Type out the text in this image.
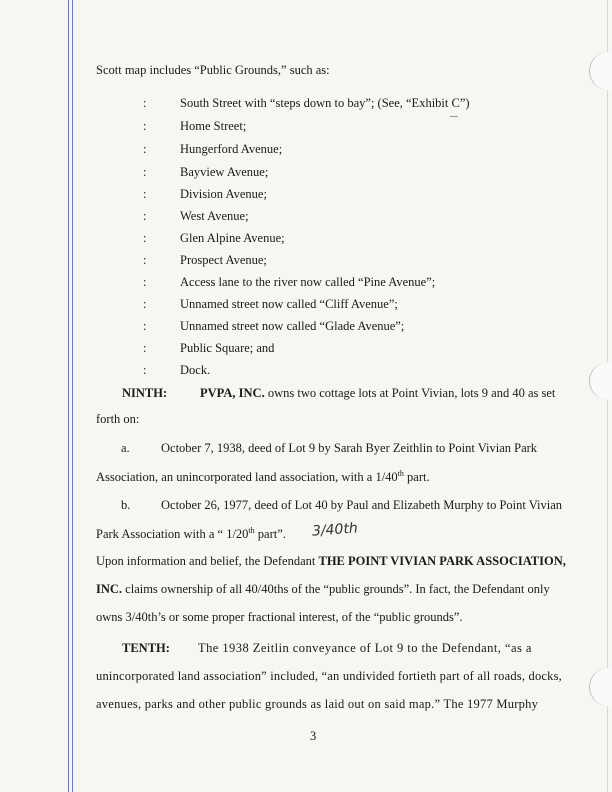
Scott map includes “Public Grounds,” such as:
:	South Street with “steps down to bay”; (See, “Exhibit C”)
:	Home Street;
:	Hungerford Avenue;
:	Bayview Avenue;
:	Division Avenue;
:	West Avenue;
:	Glen Alpine Avenue;
:	Prospect Avenue;
:	Access lane to the river now called “Pine Avenue”;
:	Unnamed street now called “Cliff Avenue”;
:	Unnamed street now called “Glade Avenue”;
:	Public Square; and
:	Dock.
NINTH:	PVPA, INC. owns two cottage lots at Point Vivian, lots 9 and 40 as set
forth on:
a.	October 7, 1938, deed of Lot 9 by Sarah Byer Zeithlin to Point Vivian Park
Association, an unincorporated land association, with a 1/40th part.
b. October 26, 1977, deed of Lot 40 by Paul and Elizabeth Murphy to Point Vivian
Park Association with a “ 1/20th part”. 3/40th
Upon information and belief, the Defendant THE POINT VIVIAN PARK ASSOCIATION,
INC. claims ownership of all 40/40ths of the “public grounds”. In fact, the Defendant only
owns 3/40th’s or some proper fractional interest, of the “public grounds”.
TENTH: The 1938 Zeitlin conveyance of Lot 9 to the Defendant, “as a
unincorporated land association” included, “an undivided fortieth part of all roads, docks,
avenues, parks and other public grounds as laid out on said map.” The 1977 Murphy
3
